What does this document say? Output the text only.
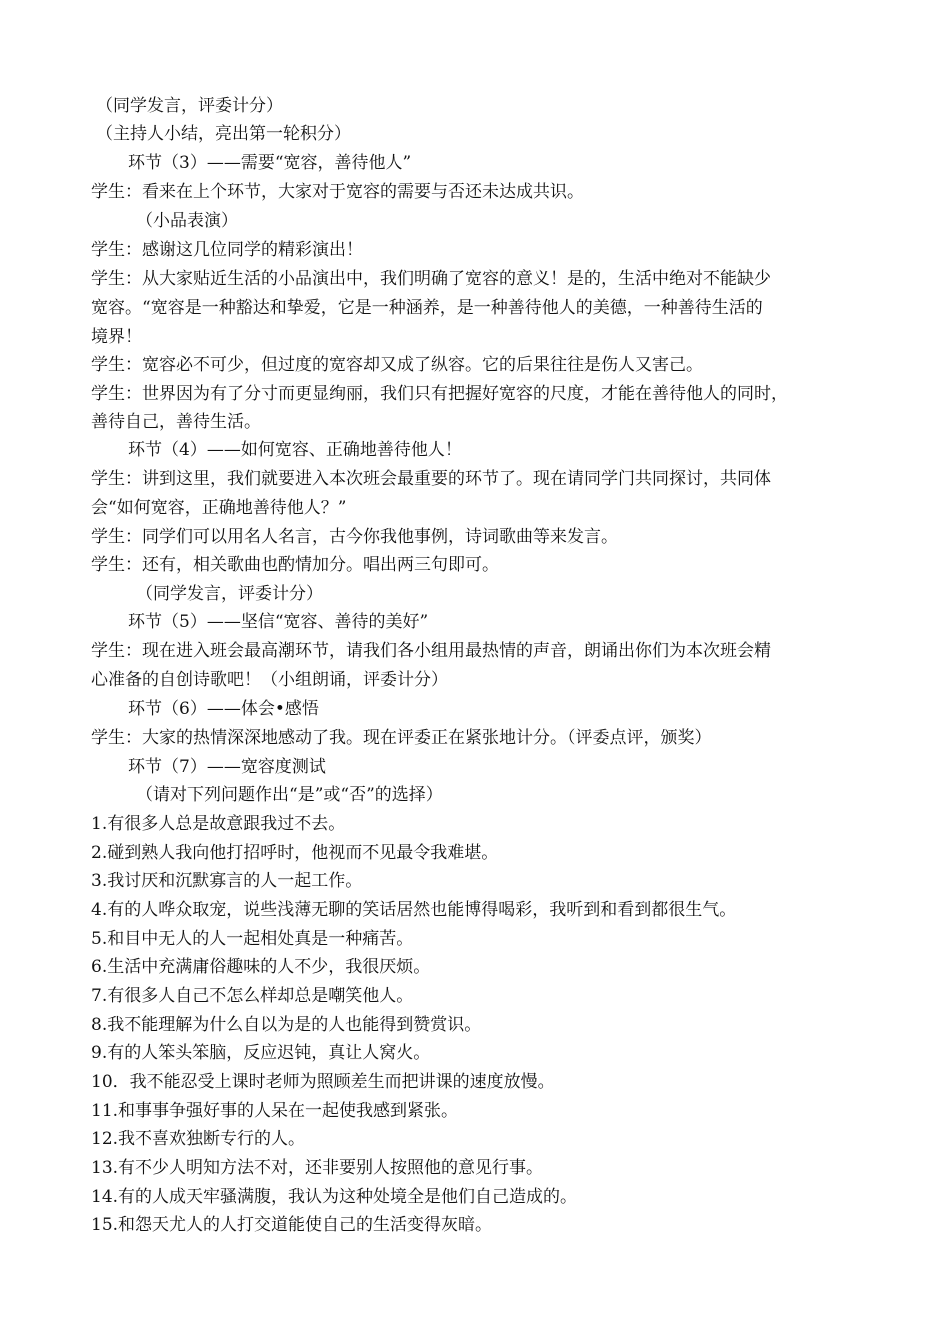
（同学发言，评委计分）
（主持人小结，亮出第一轮积分）
环节（3）——需要“宽容，善待他人”
学生：看来在上个环节，大家对于宽容的需要与否还未达成共识。
（小品表演）
学生：感谢这几位同学的精彩演出！
学生：从大家贴近生活的小品演出中，我们明确了宽容的意义！是的，生活中绝对不能缺少
宽容。“宽容是一种豁达和挚爱，它是一种涵养，是一种善待他人的美德，一种善待生活的
境界！
学生：宽容必不可少，但过度的宽容却又成了纵容。它的后果往往是伤人又害己。
学生：世界因为有了分寸而更显绚丽，我们只有把握好宽容的尺度，才能在善待他人的同时，
善待自己，善待生活。
环节（4）——如何宽容、正确地善待他人！
学生：讲到这里，我们就要进入本次班会最重要的环节了。现在请同学门共同探讨，共同体
会“如何宽容，正确地善待他人？”
学生：同学们可以用名人名言，古今你我他事例，诗词歌曲等来发言。
学生：还有，相关歌曲也酌情加分。唱出两三句即可。
（同学发言，评委计分）
环节（5）——坚信“宽容、善待的美好”
学生：现在进入班会最高潮环节，请我们各小组用最热情的声音，朗诵出你们为本次班会精
心准备的自创诗歌吧！（小组朗诵，评委计分）
环节（6）——体会•感悟
学生：大家的热情深深地感动了我。现在评委正在紧张地计分。（评委点评，颁奖）
环节（7）——宽容度测试
（请对下列问题作出“是”或“否”的选择）
1.有很多人总是故意跟我过不去。
2.碰到熟人我向他打招呼时，他视而不见最令我难堪。
3.我讨厌和沉默寡言的人一起工作。
4.有的人哗众取宠，说些浅薄无聊的笑话居然也能博得喝彩，我听到和看到都很生气。
5.和目中无人的人一起相处真是一种痛苦。
6.生活中充满庸俗趣味的人不少，我很厌烦。
7.有很多人自己不怎么样却总是嘲笑他人。
8.我不能理解为什么自以为是的人也能得到赞赏识。
9.有的人笨头笨脑，反应迟钝，真让人窝火。
10．我不能忍受上课时老师为照顾差生而把讲课的速度放慢。
11.和事事争强好事的人呆在一起使我感到紧张。
12.我不喜欢独断专行的人。
13.有不少人明知方法不对，还非要别人按照他的意见行事。
14.有的人成天牢骚满腹，我认为这种处境全是他们自己造成的。
15.和怨天尤人的人打交道能使自己的生活变得灰暗。
